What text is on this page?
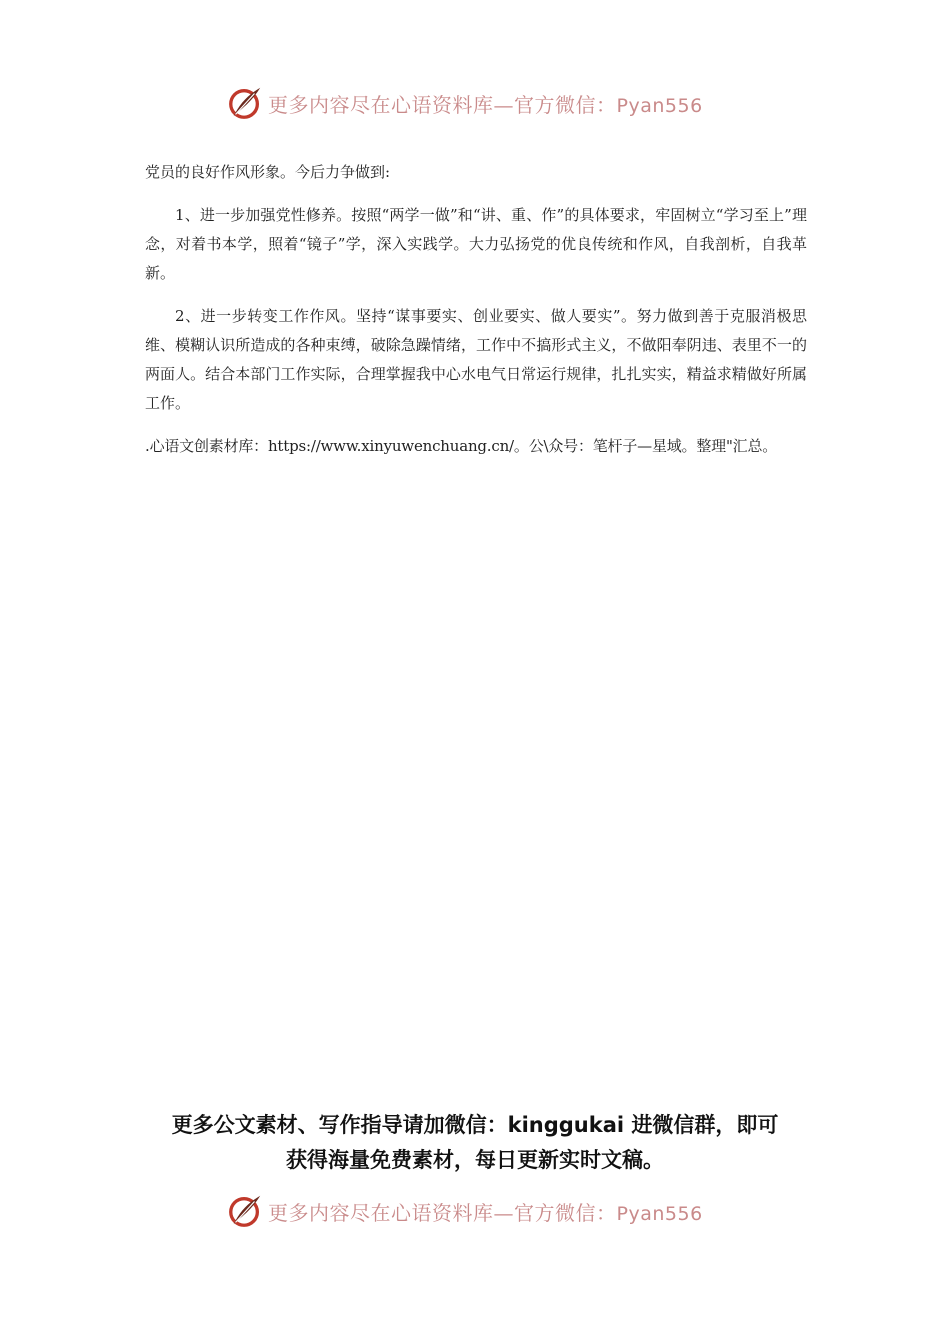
更多内容尽在心语资料库—官方微信：Pyan556

党员的良好作风形象。今后力争做到:

1、进一步加强党性修养。按照“两学一做”和“讲、重、作”的具体要求，牢固树立“学习至上”理念，对着书本学，照着“镜子”学，深入实践学。大力弘扬党的优良传统和作风，自我剖析，自我革新。

2、进一步转变工作作风。坚持“谋事要实、创业要实、做人要实”。努力做到善于克服消极思维、模糊认识所造成的各种束缚，破除急躁情绪，工作中不搞形式主义，不做阳奉阴违、表里不一的两面人。结合本部门工作实际，合理掌握我中心水电气日常运行规律，扎扎实实，精益求精做好所属工作。

.心语文创素材库：https://www.xinyuwenchuang.cn/。公\众号：笔杆子—星域。整理"汇总。

更多公文素材、写作指导请加微信：kinggukai 进微信群，即可
获得海量免费素材，每日更新实时文稿。
更多内容尽在心语资料库—官方微信：Pyan556
